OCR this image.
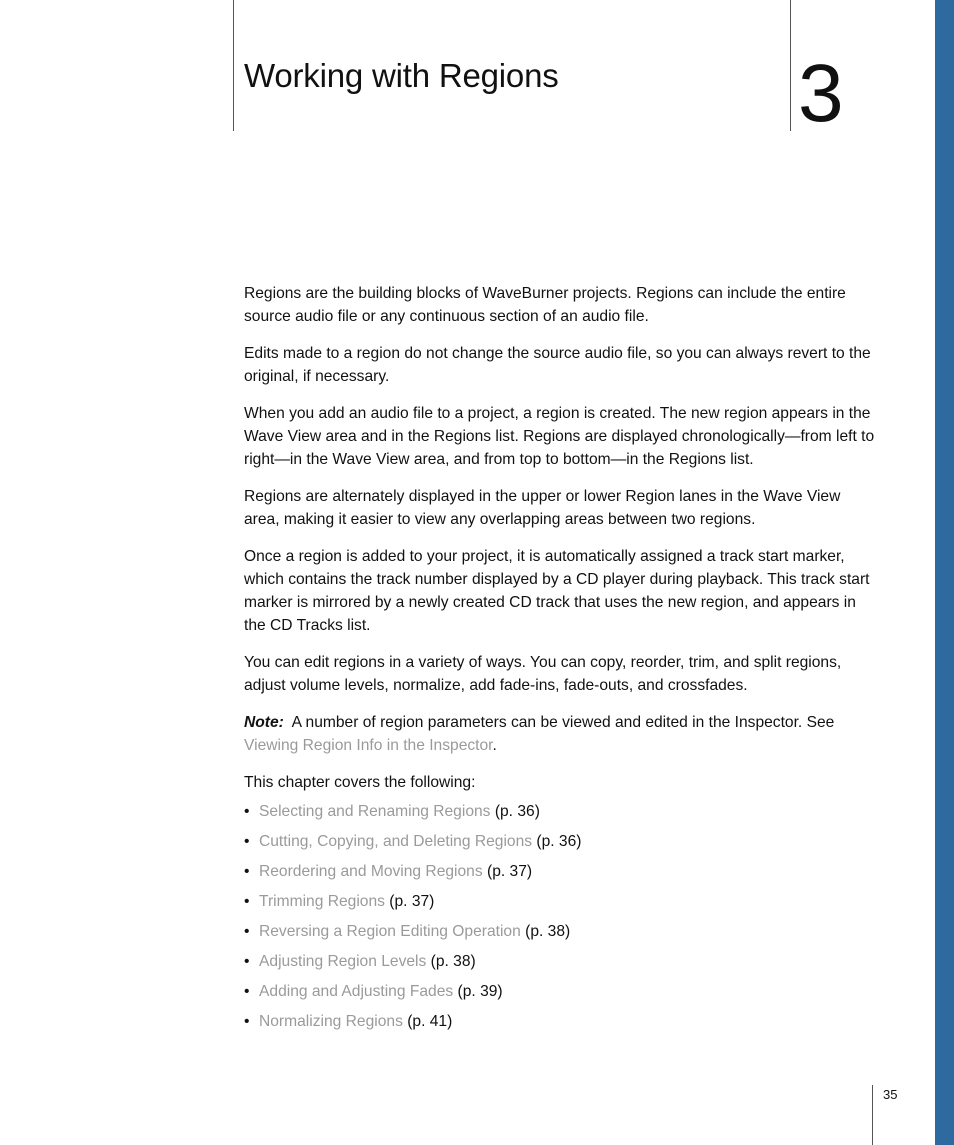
Working with Regions	3

Regions are the building blocks of WaveBurner projects. Regions can include the entire source audio file or any continuous section of an audio file.

Edits made to a region do not change the source audio file, so you can always revert to the original, if necessary.

When you add an audio file to a project, a region is created. The new region appears in the Wave View area and in the Regions list. Regions are displayed chronologically—from left to right—in the Wave View area, and from top to bottom—in the Regions list.

Regions are alternately displayed in the upper or lower Region lanes in the Wave View area, making it easier to view any overlapping areas between two regions.

Once a region is added to your project, it is automatically assigned a track start marker, which contains the track number displayed by a CD player during playback. This track start marker is mirrored by a newly created CD track that uses the new region, and appears in the CD Tracks list.

You can edit regions in a variety of ways. You can copy, reorder, trim, and split regions, adjust volume levels, normalize, add fade-ins, fade-outs, and crossfades.

Note: A number of region parameters can be viewed and edited in the Inspector. See Viewing Region Info in the Inspector.

This chapter covers the following:

• Selecting and Renaming Regions (p. 36)
• Cutting, Copying, and Deleting Regions (p. 36)
• Reordering and Moving Regions (p. 37)
• Trimming Regions (p. 37)
• Reversing a Region Editing Operation (p. 38)
• Adjusting Region Levels (p. 38)
• Adding and Adjusting Fades (p. 39)
• Normalizing Regions (p. 41)
35
